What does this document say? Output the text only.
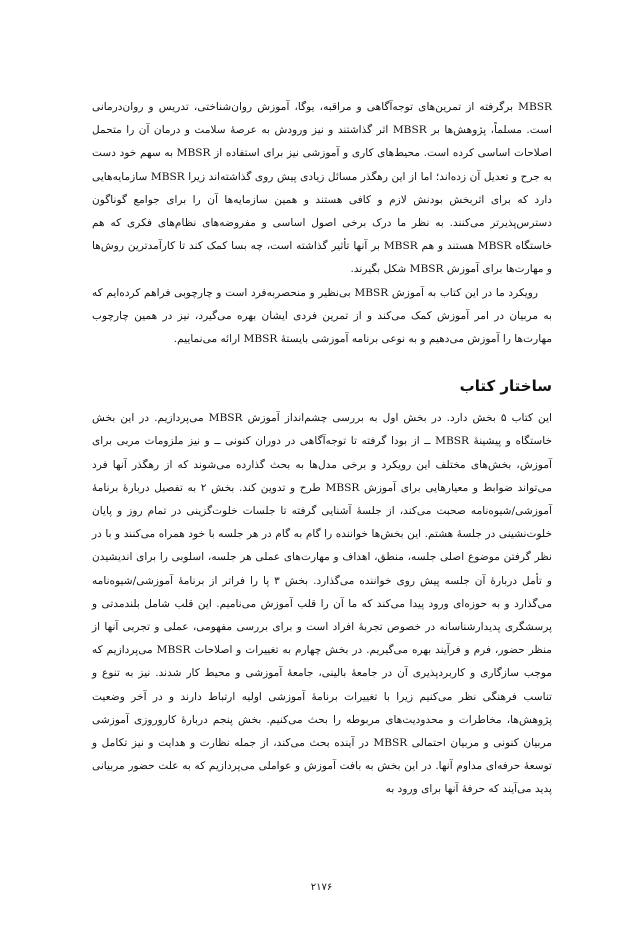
MBSR برگرفته از تمرین‌های توجه‌آگاهی و مراقبه، یوگا، آموزش روان‌شناختی، تدریس و روان‌درمانی است. مسلماً، پژوهش‌ها بر MBSR اثر گذاشتند و نیز ورودش به عرصهٔ سلامت و درمان آن را متحمل اصلاحات اساسی کرده است. محیط‌های کاری و آموزشی نیز برای استفاده از MBSR به سهم خود دست به جرح و تعدیل آن زده‌اند؛ اما از این رهگذر مسائل زیادی پیش روی گذاشته‌اند زیرا MBSR سازمایه‌هایی دارد که برای اثربخش بودنش لازم و کافی هستند و همین سازمایه‌ها آن را برای جوامع گوناگون دسترس‌پذیرتر می‌کنند. به نظر ما درک برخی اصول اساسی و مفروضه‌های نظام‌های فکری که هم خاستگاه MBSR هستند و هم MBSR بر آنها تأثیر گذاشته است، چه بسا کمک کند تا کارآمدترین روش‌ها و مهارت‌ها برای آموزش MBSR شکل بگیرند.

رویکرد ما در این کتاب به آموزش MBSR بی‌نظیر و منحصربه‌فرد است و چارچوبی فراهم کرده‌ایم که به مربیان در امر آموزش کمک می‌کند و از تمرین فردی ایشان بهره می‌گیرد، نیز در همین چارچوب مهارت‌ها را آموزش می‌دهیم و به نوعی برنامه آموزشی بایستهٔ MBSR ارائه می‌نماییم.

ساختار کتاب

این کتاب ۵ بخش دارد. در بخش اول به بررسی چشم‌انداز آموزش MBSR می‌پردازیم. در این بخش خاستگاه و پیشینهٔ MBSR ــ از بودا گرفته تا توجه‌آگاهی در دوران کنونی ــ و نیز ملزومات مربی برای آموزش، بخش‌های مختلف این رویکرد و برخی مدل‌ها به بحث گذارده می‌شوند که از رهگذر آنها فرد می‌تواند ضوابط و معیارهایی برای آموزش MBSR طرح و تدوین کند. بخش ۲ به تفصیل دربارهٔ برنامهٔ آموزشی/شیوه‌نامه صحبت می‌کند، از جلسهٔ آشنایی گرفته تا جلسات خلوت‌گزینی در تمام روز و پایان خلوت‌نشینی در جلسهٔ هشتم. این بخش‌ها خواننده را گام به گام در هر جلسه با خود همراه می‌کنند و با در نظر گرفتن موضوع اصلی جلسه، منطق، اهداف و مهارت‌های عملی هر جلسه، اسلوبی را برای اندیشیدن و تأمل دربارهٔ آن جلسه پیش روی خواننده می‌گذارد. بخش ۳ پا را فراتر از برنامهٔ آموزشی/شیوه‌نامه می‌گذارد و به حوزه‌ای ورود پیدا می‌کند که ما آن را قلب آموزش می‌نامیم. این قلب شامل بلندمدتی و پرسشگری پدیدارشناسانه در خصوص تجربهٔ افراد است و برای بررسی مفهومی، عملی و تجربی آنها از منظر حضور، فرم و فرآیند بهره می‌گیریم. در بخش چهارم به تغییرات و اصلاحات MBSR می‌پردازیم که موجب سازگاری و کاربردپذیری آن در جامعهٔ بالینی، جامعهٔ آموزشی و محیط کار شدند. نیز به تنوع و تناسب فرهنگی نظر می‌کنیم زیرا با تغییرات برنامهٔ آموزشی اولیه ارتباط دارند و در آخر وضعیت پژوهش‌ها، مخاطرات و محدودیت‌های مربوطه را بحث می‌کنیم. بخش پنجم دربارهٔ کاروروزی آموزشی مربیان کنونی و مربیان احتمالی MBSR در آینده بحث می‌کند، از جمله نظارت و هدایت و نیز تکامل و توسعهٔ حرفه‌ای مداوم آنها. در این بخش به بافت آموزش و عواملی می‌پردازیم که به علت حضور مربیانی پدید می‌آیند که حرفهٔ آنها برای ورود به

۲۱۷۶
